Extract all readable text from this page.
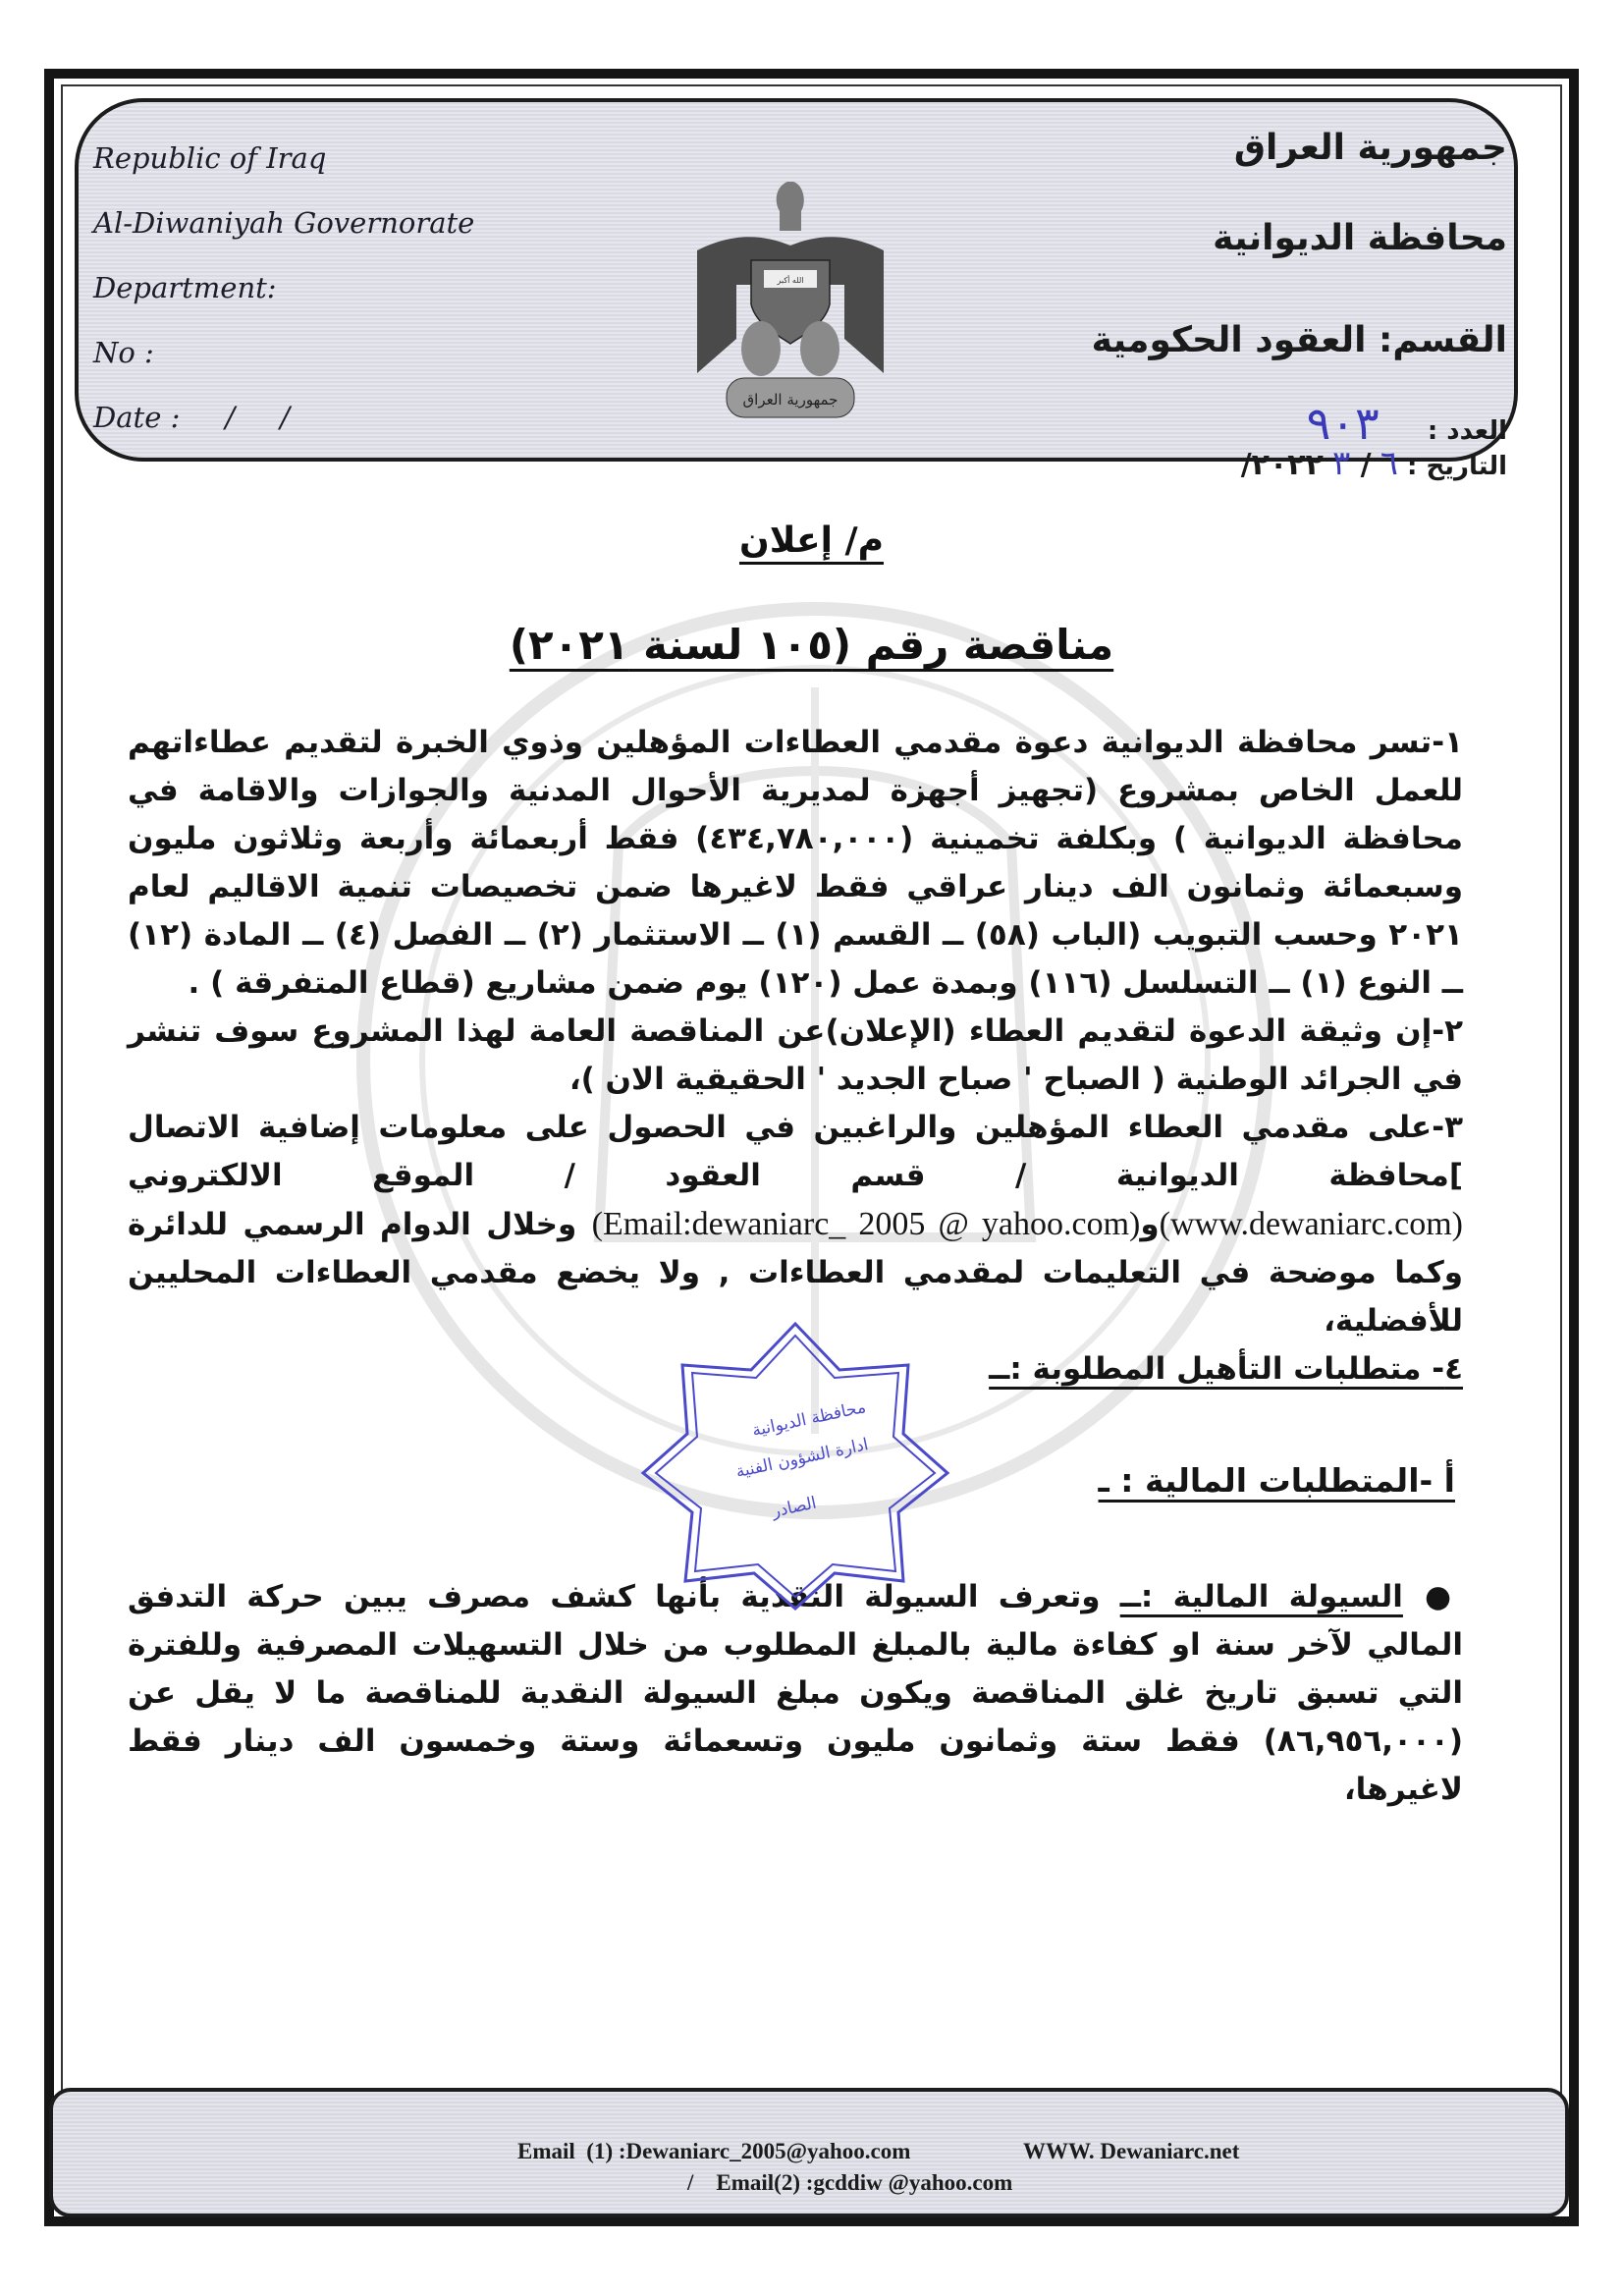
Republic of Iraq
Al-Diwaniyah Governorate
Department:
No :
Date :     /     /
الله أكبر
جمهورية العراق
جمهورية العراق
محافظة الديوانية
القسم: العقود الحكومية
العدد : ٩٠٣
التاريخ : ٦ / ٣ ٢٠٢٢/
م/ إعلان
مناقصة رقم (١٠٥ لسنة ٢٠٢١)

١-تسر محافظة الديوانية دعوة مقدمي العطاءات المؤهلين وذوي الخبرة لتقديم عطاءاتهم للعمل الخاص بمشروع (تجهيز أجهزة لمديرية الأحوال المدنية والجوازات والاقامة في محافظة الديوانية ) وبكلفة تخمينية (٤٣٤,٧٨٠,٠٠٠) فقط أربعمائة وأربعة وثلاثون مليون وسبعمائة وثمانون الف دينار عراقي فقط لاغيرها ضمن تخصيصات تنمية الاقاليم لعام ٢٠٢١ وحسب التبويب (الباب (٥٨) ــ القسم (١) ــ الاستثمار (٢) ــ الفصل (٤) ــ المادة (١٢) ــ النوع (١) ــ التسلسل (١١٦) وبمدة عمل (١٢٠) يوم ضمن مشاريع (قطاع المتفرقة ) .

٢-إن وثيقة الدعوة لتقديم العطاء (الإعلان)عن المناقصة العامة لهذا المشروع سوف تنشر في الجرائد الوطنية ( الصباح ' صباح الجديد ' الحقيقية الان )،

٣-على مقدمي العطاء المؤهلين والراغبين في الحصول على معلومات إضافية الاتصال ]محافظة الديوانية / قسم العقود / الموقع الالكتروني (www.dewaniarc.com)و(Email:dewaniarc_ 2005 @ yahoo.com) وخلال الدوام الرسمي للدائرة وكما موضحة في التعليمات لمقدمي العطاءات , ولا يخضع مقدمي العطاءات المحليين للأفضلية،

٤- متطلبات التأهيل المطلوبة :ــ

أ -المتطلبات المالية : ـ

●السيولة المالية :ــ وتعرف السيولة النقدية بأنها كشف مصرف يبين حركة التدفق المالي لآخر سنة او كفاءة مالية بالمبلغ المطلوب من خلال التسهيلات المصرفية وللفترة التي تسبق تاريخ غلق المناقصة ويكون مبلغ السيولة النقدية للمناقصة ما لا يقل عن (٨٦,٩٥٦,٠٠٠) فقط ستة وثمانون مليون وتسعمائة وستة وخمسون الف دينار فقط لاغيرها،

محافظة الديوانية
ادارة الشؤون الفنية
الصادر
Email  (1) :Dewaniarc_2005@yahoo.com	WWW. Dewaniarc.net
/    Email(2) :gcddiw @yahoo.com
